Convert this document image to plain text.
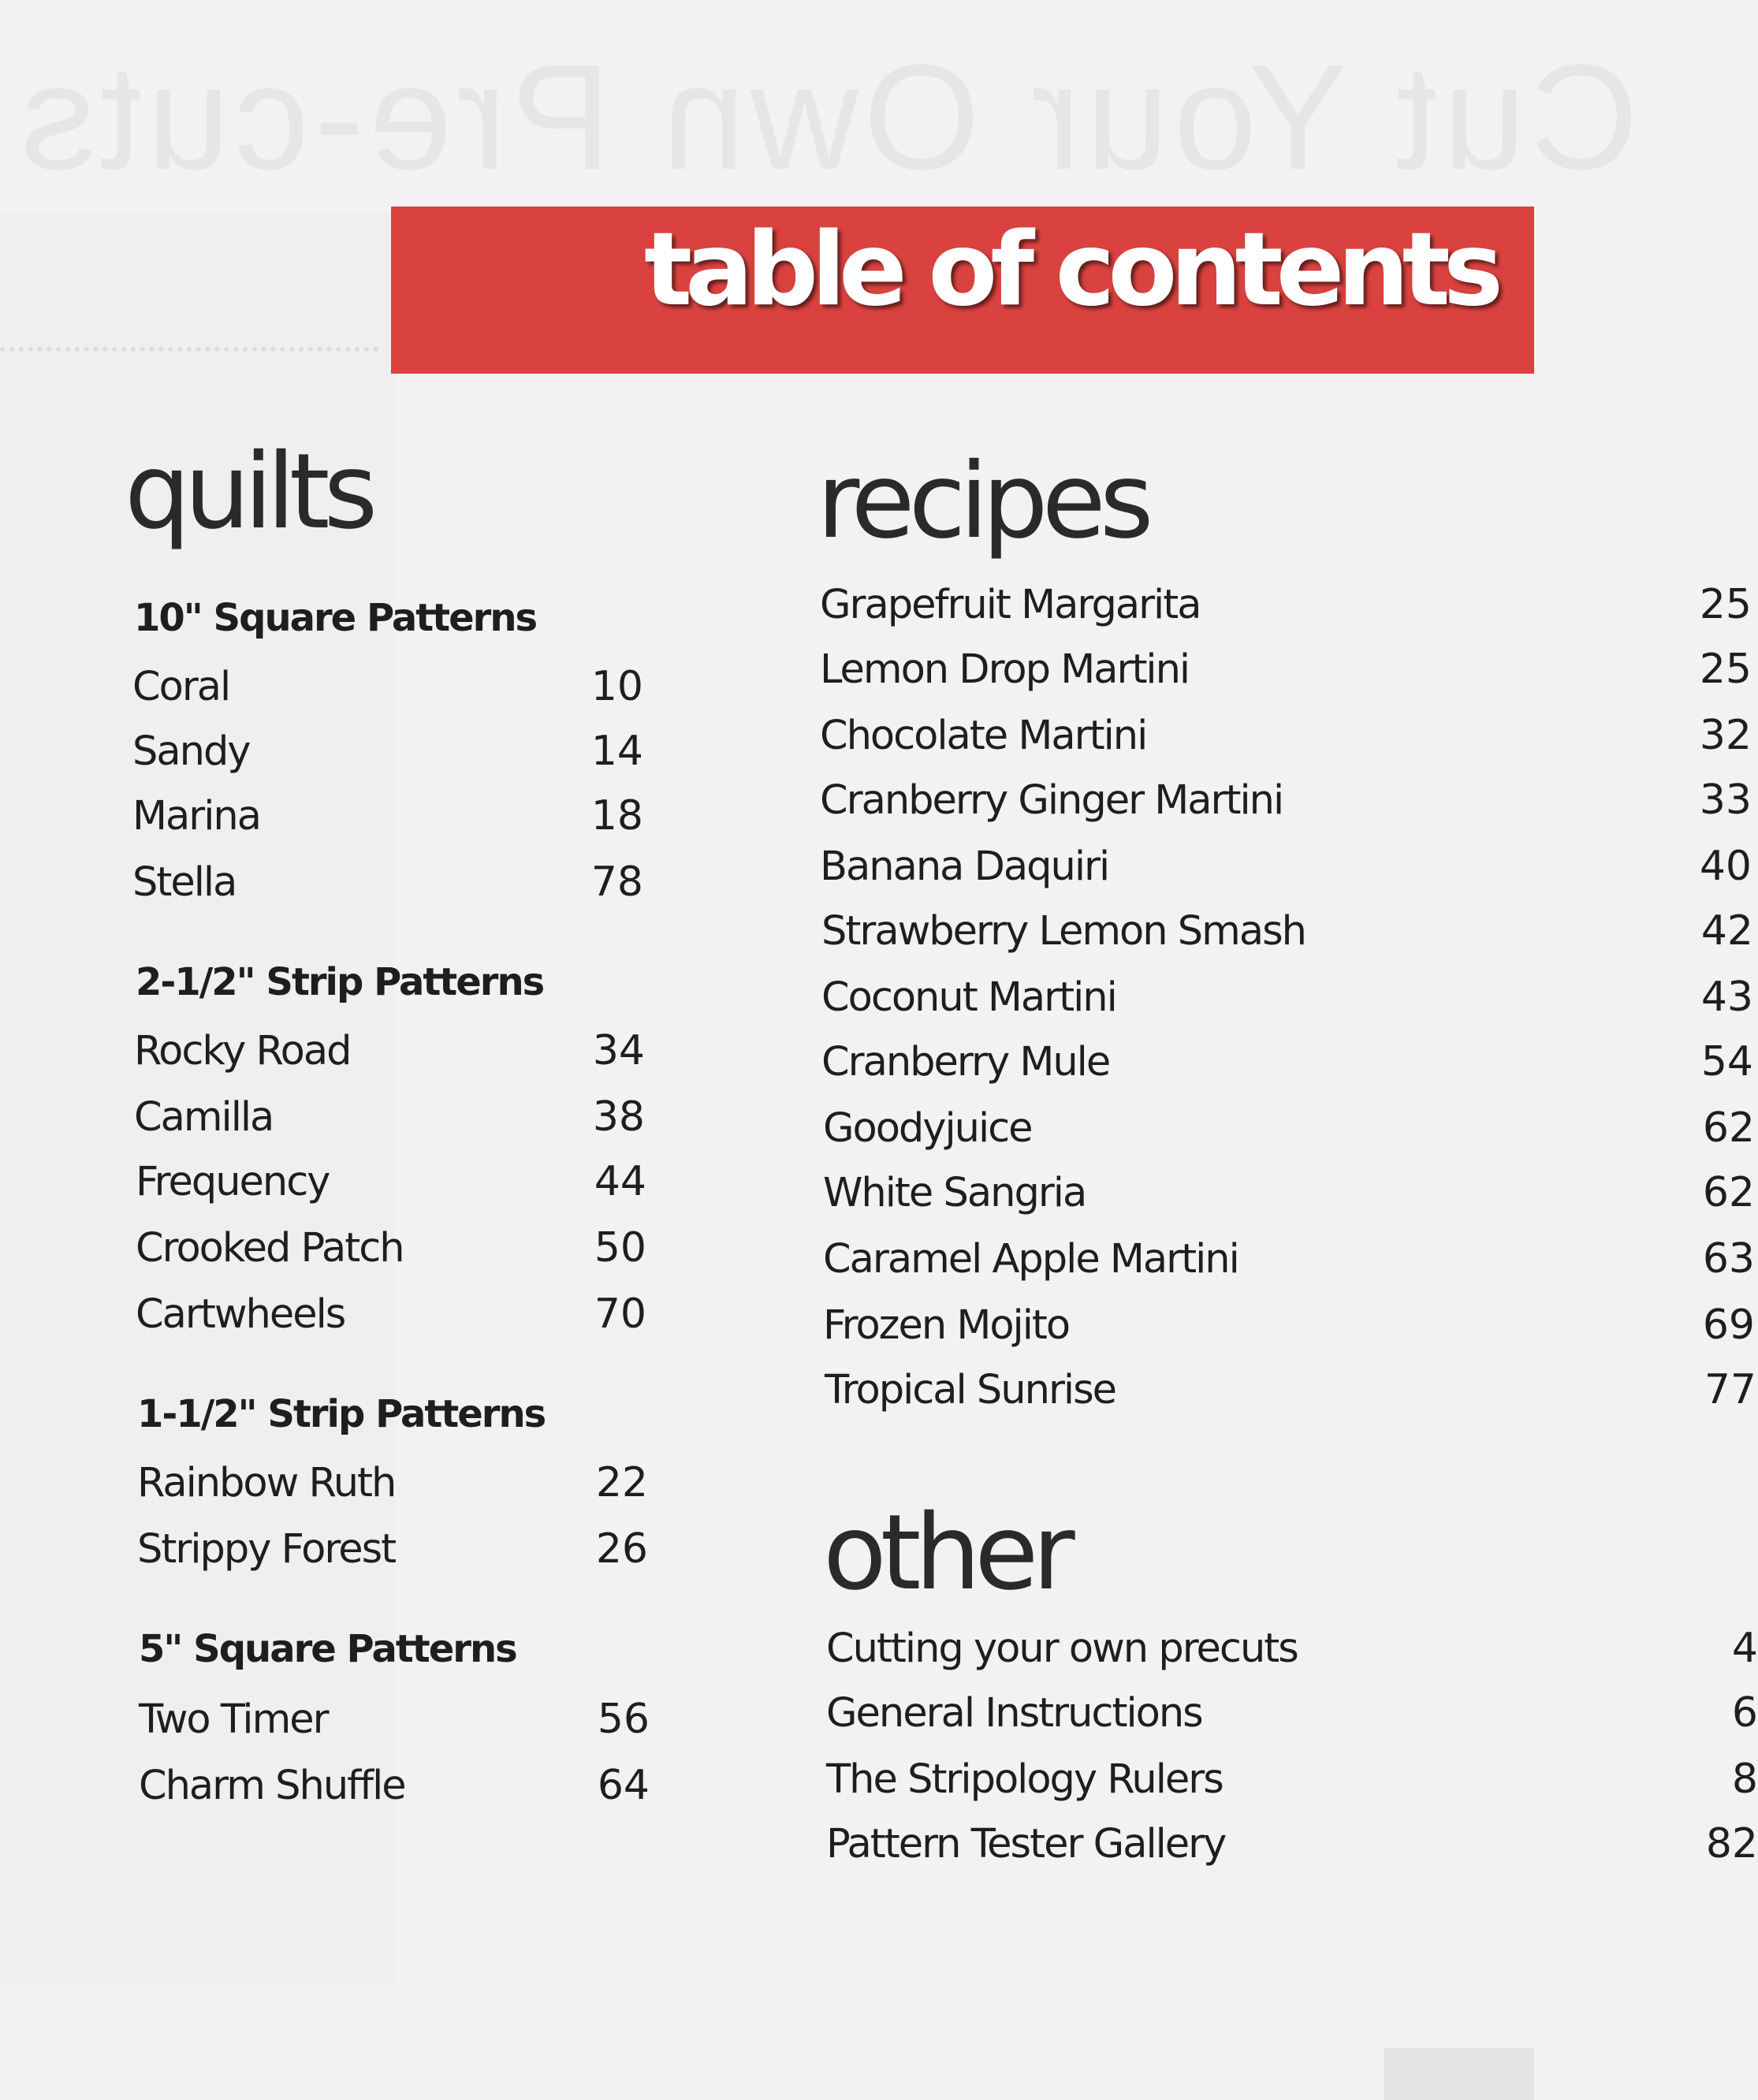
Cut Your Own Pre-cuts
table of contents
quilts
10" Square Patterns
Coral	10
Sandy	14
Marina	18
Stella	78
2-1/2" Strip Patterns
Rocky Road	34
Camilla	38
Frequency	44
Crooked Patch	50
Cartwheels	70
1-1/2" Strip Patterns
Rainbow Ruth	22
Strippy Forest	26
5" Square Patterns
Two Timer	56
Charm Shuffle	64
recipes
Grapefruit Margarita	25
Lemon Drop Martini	25
Chocolate Martini	32
Cranberry Ginger Martini	33
Banana Daquiri	40
Strawberry Lemon Smash	42
Coconut Martini	43
Cranberry Mule	54
Goodyjuice	62
White Sangria	62
Caramel Apple Martini	63
Frozen Mojito	69
Tropical Sunrise	77
other
Cutting your own precuts	4
General Instructions	6
The Stripology Rulers	8
Pattern Tester Gallery	82
